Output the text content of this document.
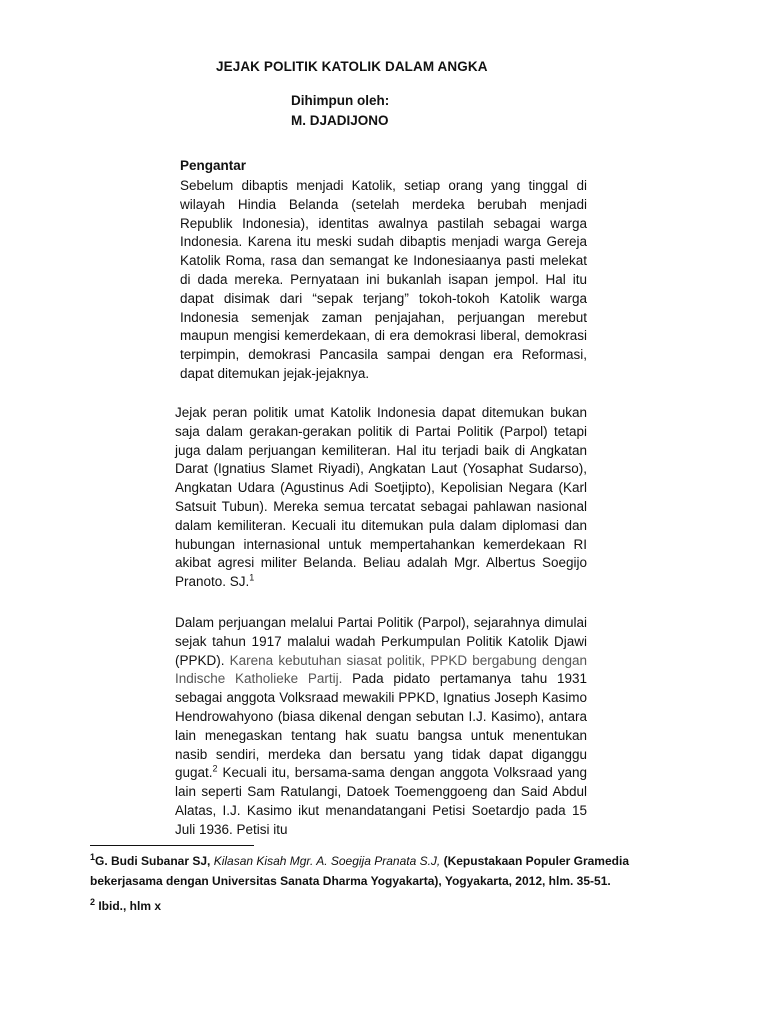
JEJAK POLITIK KATOLIK DALAM ANGKA
Dihimpun oleh:
M. DJADIJONO
Pengantar

Sebelum dibaptis menjadi Katolik, setiap orang yang tinggal di wilayah Hindia Belanda (setelah merdeka berubah menjadi Republik Indonesia), identitas awalnya pastilah sebagai warga Indonesia. Karena itu meski sudah dibaptis menjadi warga Gereja Katolik Roma, rasa dan semangat ke Indonesiaanya pasti melekat di dada mereka. Pernyataan ini bukanlah isapan jempol. Hal itu dapat disimak dari “sepak terjang” tokoh-tokoh Katolik warga Indonesia semenjak zaman penjajahan, perjuangan merebut maupun mengisi kemerdekaan, di era demokrasi liberal, demokrasi terpimpin, demokrasi Pancasila sampai dengan era Reformasi, dapat ditemukan jejak-jejaknya.

Jejak peran politik umat Katolik Indonesia dapat ditemukan bukan saja dalam gerakan-gerakan politik di Partai Politik (Parpol) tetapi juga dalam perjuangan kemiliteran. Hal itu terjadi baik di Angkatan Darat (Ignatius Slamet Riyadi), Angkatan Laut (Yosaphat Sudarso), Angkatan Udara (Agustinus Adi Soetjipto), Kepolisian Negara (Karl Satsuit Tubun). Mereka semua tercatat sebagai pahlawan nasional dalam kemiliteran. Kecuali itu ditemukan pula dalam diplomasi dan hubungan internasional untuk mempertahankan kemerdekaan RI akibat agresi militer Belanda. Beliau adalah Mgr. Albertus Soegijo Pranoto. SJ.$^1$

Dalam perjuangan melalui Partai Politik (Parpol), sejarahnya dimulai sejak tahun 1917 malalui wadah Perkumpulan Politik Katolik Djawi (PPKD). Karena kebutuhan siasat politik, PPKD bergabung dengan Indische Katholieke Partij. Pada pidato pertamanya tahu 1931 sebagai anggota Volksraad mewakili PPKD, Ignatius Joseph Kasimo Hendrowahyono (biasa dikenal dengan sebutan I.J. Kasimo), antara lain menegaskan tentang hak suatu bangsa untuk menentukan nasib sendiri, merdeka dan bersatu yang tidak dapat diganggu gugat.$^2$ Kecuali itu, bersama-sama dengan anggota Volksraad yang lain seperti Sam Ratulangi, Datoek Toemenggoeng dan Said Abdul Alatas, I.J. Kasimo ikut menandatangani Petisi Soetardjo pada 15 Juli 1936. Petisi itu

$^1$G. Budi Subanar SJ, Kilasan Kisah Mgr. A. Soegija Pranata S.J, (Kepustakaan Populer Gramedia bekerjasama dengan Universitas Sanata Dharma Yogyakarta), Yogyakarta, 2012, hlm. 35-51.

$^2$ Ibid., hlm x
